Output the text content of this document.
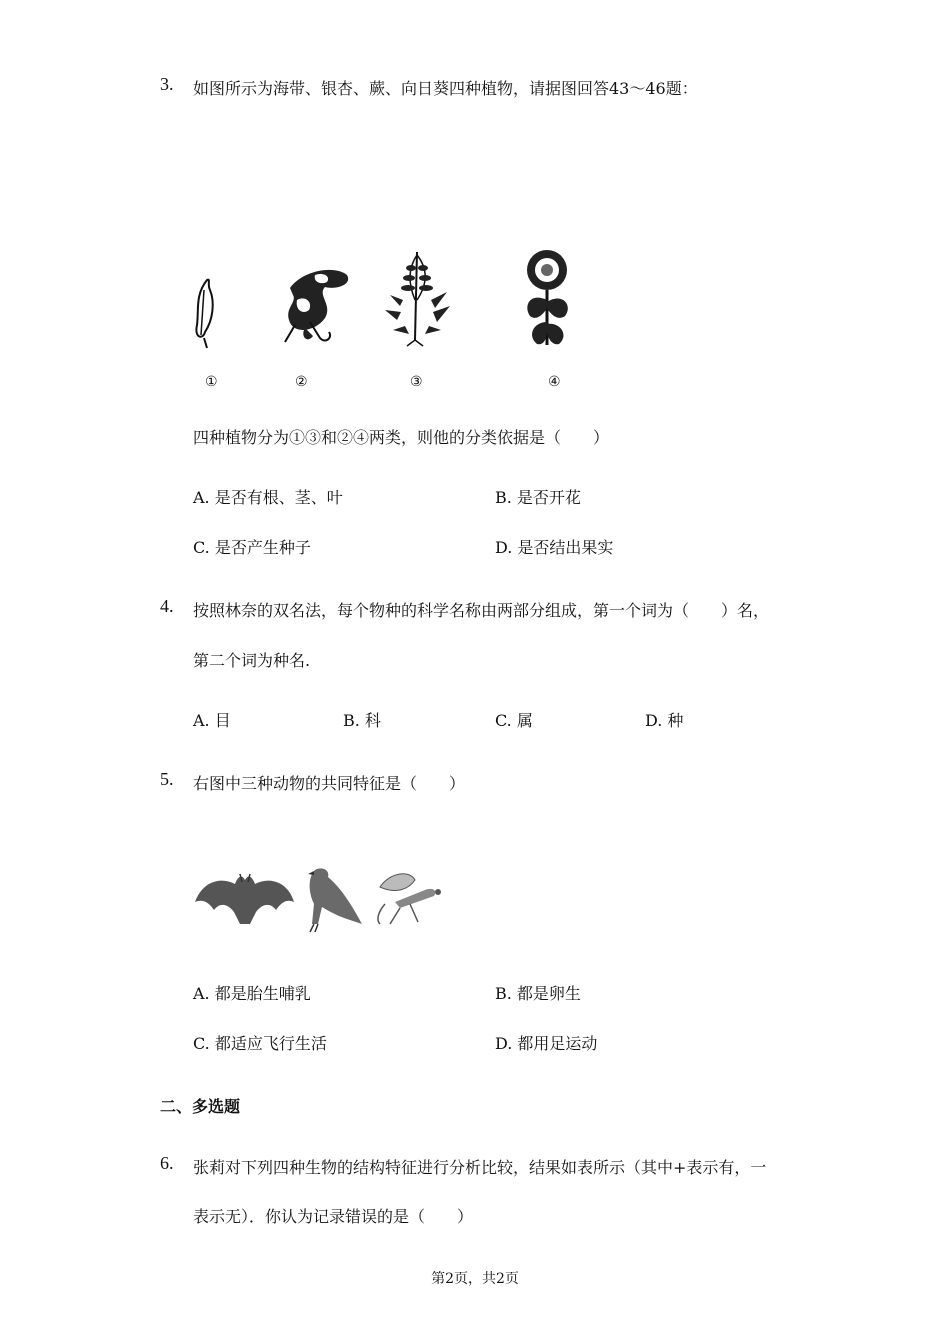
3. 如图所示为海带、银杏、蕨、向日葵四种植物，请据图回答43～46题：
①	②	③	④
四种植物分为①③和②④两类，则他的分类依据是（　　）
A. 是否有根、茎、叶	B. 是否开花
C. 是否产生种子	D. 是否结出果实
4. 按照林奈的双名法，每个物种的科学名称由两部分组成，第一个词为（　　）名，
第二个词为种名.
A. 目	B. 科	C. 属	D. 种
5. 右图中三种动物的共同特征是（　　）
A. 都是胎生哺乳	B. 都是卵生
C. 都适应飞行生活	D. 都用足运动
二、多选题
6. 张莉对下列四种生物的结构特征进行分析比较，结果如表所示（其中+表示有，一
表示无）．你认为记录错误的是（　　）
第2页，共2页
